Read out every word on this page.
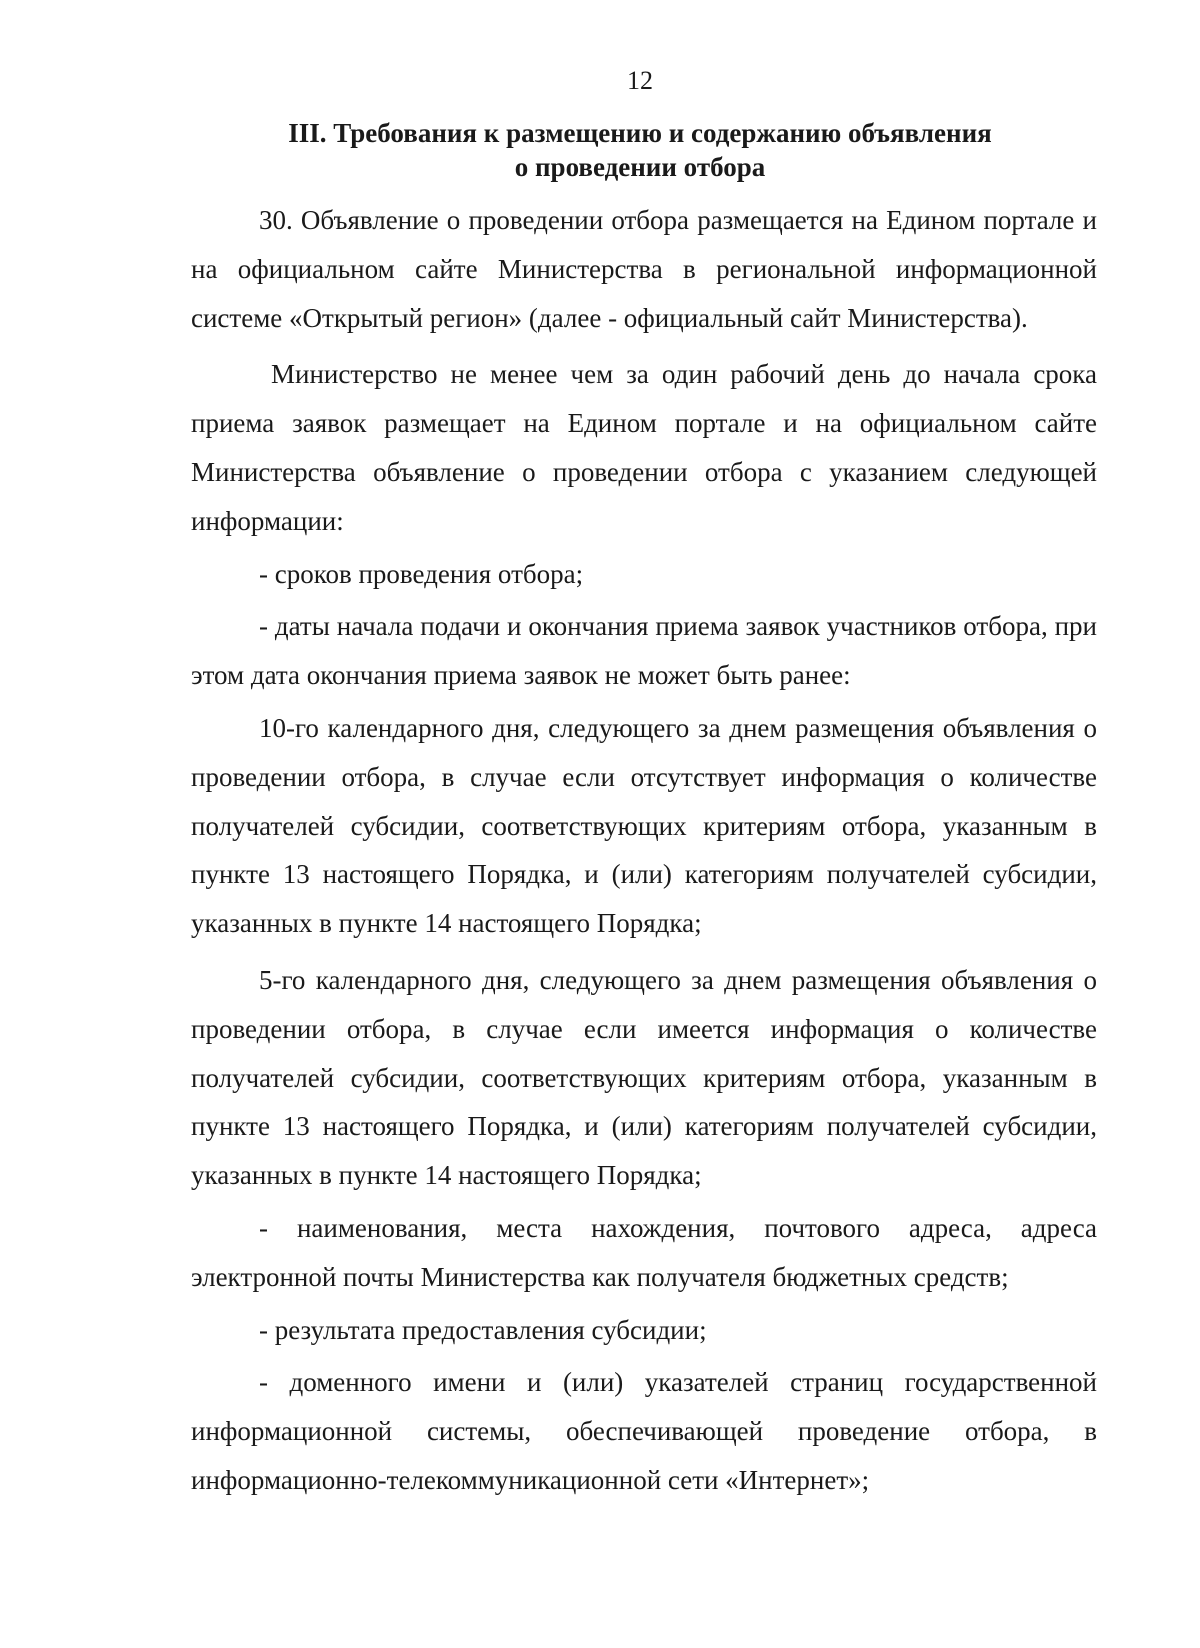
12
III. Требования к размещению и содержанию объявления
о проведении отбора

30. Объявление о проведении отбора размещается на Едином портале и на официальном сайте Министерства в региональной информационной системе «Открытый регион» (далее - официальный сайт Министерства).

Министерство не менее чем за один рабочий день до начала срока приема заявок размещает на Едином портале и на официальном сайте Министерства объявление о проведении отбора с указанием следующей информации:

- сроков проведения отбора;

- даты начала подачи и окончания приема заявок участников отбора, при этом дата окончания приема заявок не может быть ранее:

10-го календарного дня, следующего за днем размещения объявления о проведении отбора, в случае если отсутствует информация о количестве получателей субсидии, соответствующих критериям отбора, указанным в пункте 13 настоящего Порядка, и (или) категориям получателей субсидии, указанных в пункте 14 настоящего Порядка;

5-го календарного дня, следующего за днем размещения объявления о проведении отбора, в случае если имеется информация о количестве получателей субсидии, соответствующих критериям отбора, указанным в пункте 13 настоящего Порядка, и (или) категориям получателей субсидии, указанных в пункте 14 настоящего Порядка;

- наименования, места нахождения, почтового адреса, адреса электронной почты Министерства как получателя бюджетных средств;

- результата предоставления субсидии;

- доменного имени и (или) указателей страниц государственной информационной системы, обеспечивающей проведение отбора, в информационно-телекоммуникационной сети «Интернет»;
